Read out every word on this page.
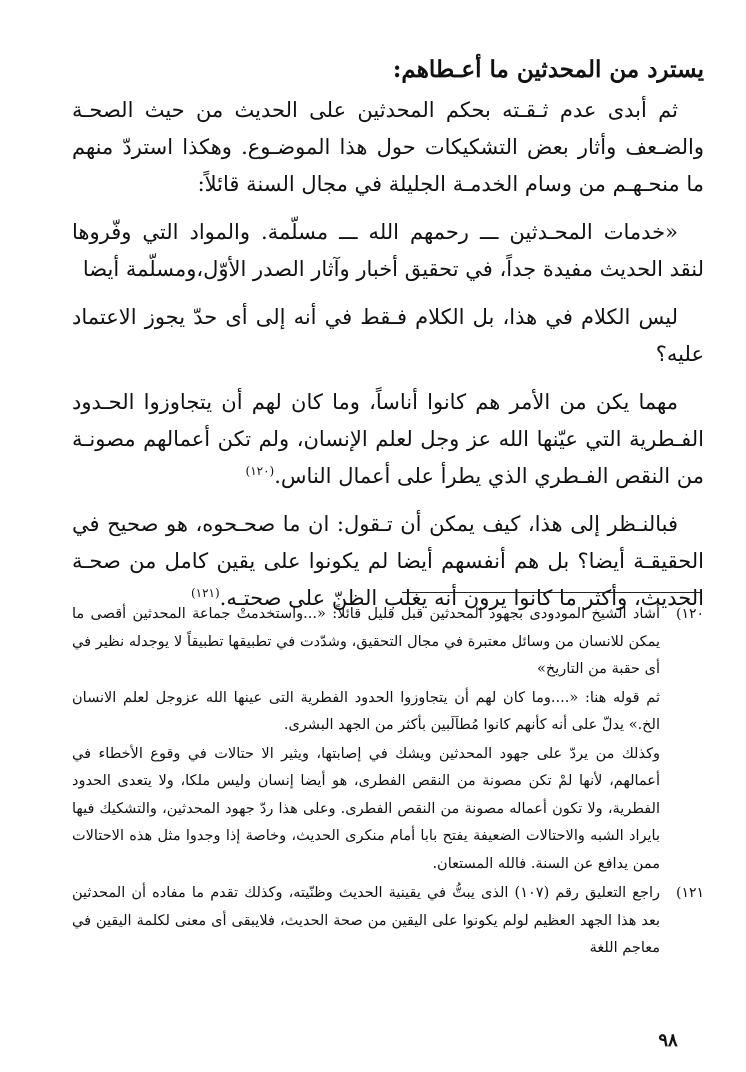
يسترد من المحدثين ما أعـطاهم:

ثم أبدى عدم ثـقـته بحكم المحدثين على الحديث من حيث الصحـة والضـعف وأثار بعض التشكيكات حول هذا الموضـوع. وهكذا استردّ منهم ما منحـهـم من وسام الخدمـة الجليلة في مجال السنة قائلاً:

«خدمات المحـدثين ـــ رحمهم الله ـــ مسلّمة. والمواد التي وفّروها لنقد الحديث مفيدة جداً، في تحقيق أخبار وآثار الصدر الأوّل،ومسلّمة أيضا

ليس الكلام في هذا، بل الكلام فـقط في أنه إلى أى حدّ يجوز الاعتماد عليه؟

مهما يكن من الأمر هم كانوا أناساً، وما كان لهم أن يتجاوزوا الحـدود الفـطرية التي عيّنها الله عز وجل لعلم الإنسان، ولم تكن أعمالهم مصونـة من النقص الفـطري الذي يطرأ على أعمال الناس.$^{(١٢٠)}$

فبالنـظر إلى هذا، كيف يمكن أن تـقول: ان ما صحـحوه، هو صحيح في الحقيقـة أيضا؟ بل هم أنفسهم أيضا لم يكونوا على يقين كامل من صحـة الحديث، وأكثر ما كانوا يرون أنه يغلب الظنّ على صحتـه.$^{(١٢١)}$

١٢٠)

أشاد الشيخ المودودى بجهود المحدثين قبل قليل قائلاً: «...واستخدمتْ جماعة المحدثين أقصى ما يمكن للانسان من وسائل معتبرة في مجال التحقيق، وشدّدت في تطبيقها تطبيقاً لا يوجدله نظير في أى حقبة من التاريخ»

ثم قوله هنا: «....وما كان لهم أن يتجاوزوا الحدود الفطرية التى عينها الله عزوجل لعلم الانسان الخ.» يدلّ على أنه كأنهم كانوا مُطاَلَبين بأكثر من الجهد البشرى.

وكذلك من يردّ على جهود المحدثين ويشك في إصابتها، ويثير الا حتالات في وقوع الأخطاء في أعمالهم، لأنها لمْ تكن مصونة من النقص الفطرى، هو أيضا إنسان وليس ملكا، ولا يتعدى الحدود الفطرية، ولا تكون أعماله مصونة من النقص الفطرى. وعلى هذا ردّ جهود المحدثين، والتشكيك فيها بايراد الشبه والاحتالات الضعيفة يفتح بابا أمام منكرى الحديث، وخاصة إذا وجدوا مثل هذه الاحتالات ممن يدافع عن السنة. فالله المستعان.

١٢١)

راجع التعليق رقم (١٠٧) الذى يبتُّ في يقينية الحديث وظنّيته، وكذلك تقدم ما مفاده أن المحدثين بعد هذا الجهد العظيم لولم يكونوا على اليقين من صحة الحديث، فلايبقى أى معنى لكلمة اليقين في معاجم اللغة

٩٨
